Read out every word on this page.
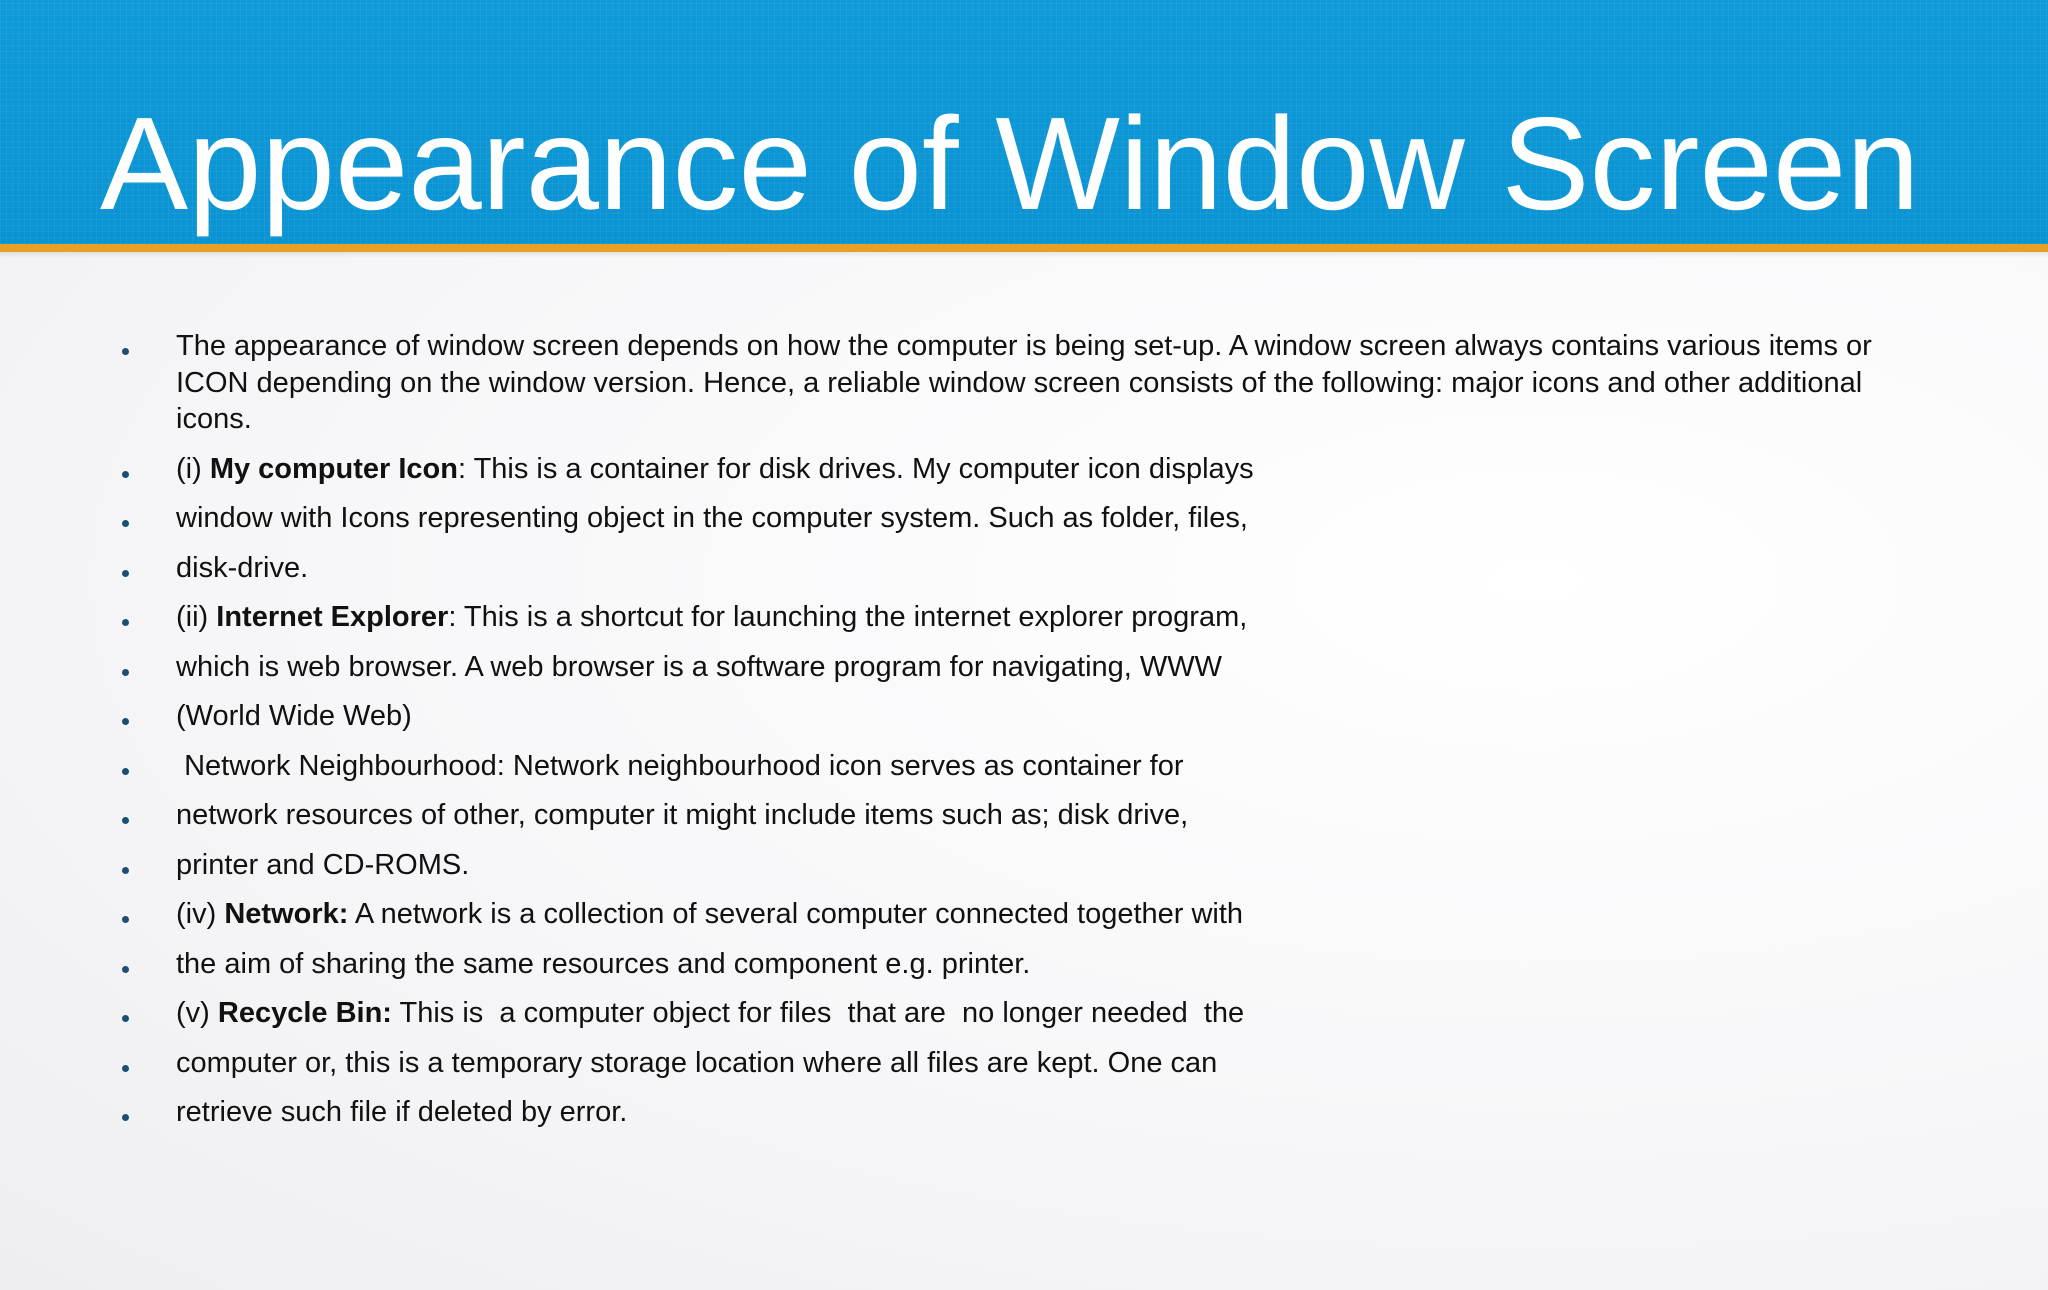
Appearance of Window Screen
The appearance of window screen depends on how the computer is being set-up. A window screen always contains various items or ICON depending on the window version. Hence, a reliable window screen consists of the following: major icons and other additional icons.
(i) My computer Icon: This is a container for disk drives. My computer icon displays
window with Icons representing object in the computer system. Such as folder, files,
disk-drive.
(ii) Internet Explorer: This is a shortcut for launching the internet explorer program,
which is web browser. A web browser is a software program for navigating, WWW
(World Wide Web)
Network Neighbourhood: Network neighbourhood icon serves as container for
network resources of other, computer it might include items such as; disk drive,
printer and CD-ROMS.
(iv) Network: A network is a collection of several computer connected together with
the aim of sharing the same resources and component e.g. printer.
(v) Recycle Bin: This is  a computer object for files  that are  no longer needed  the
computer or, this is a temporary storage location where all files are kept. One can
retrieve such file if deleted by error.
